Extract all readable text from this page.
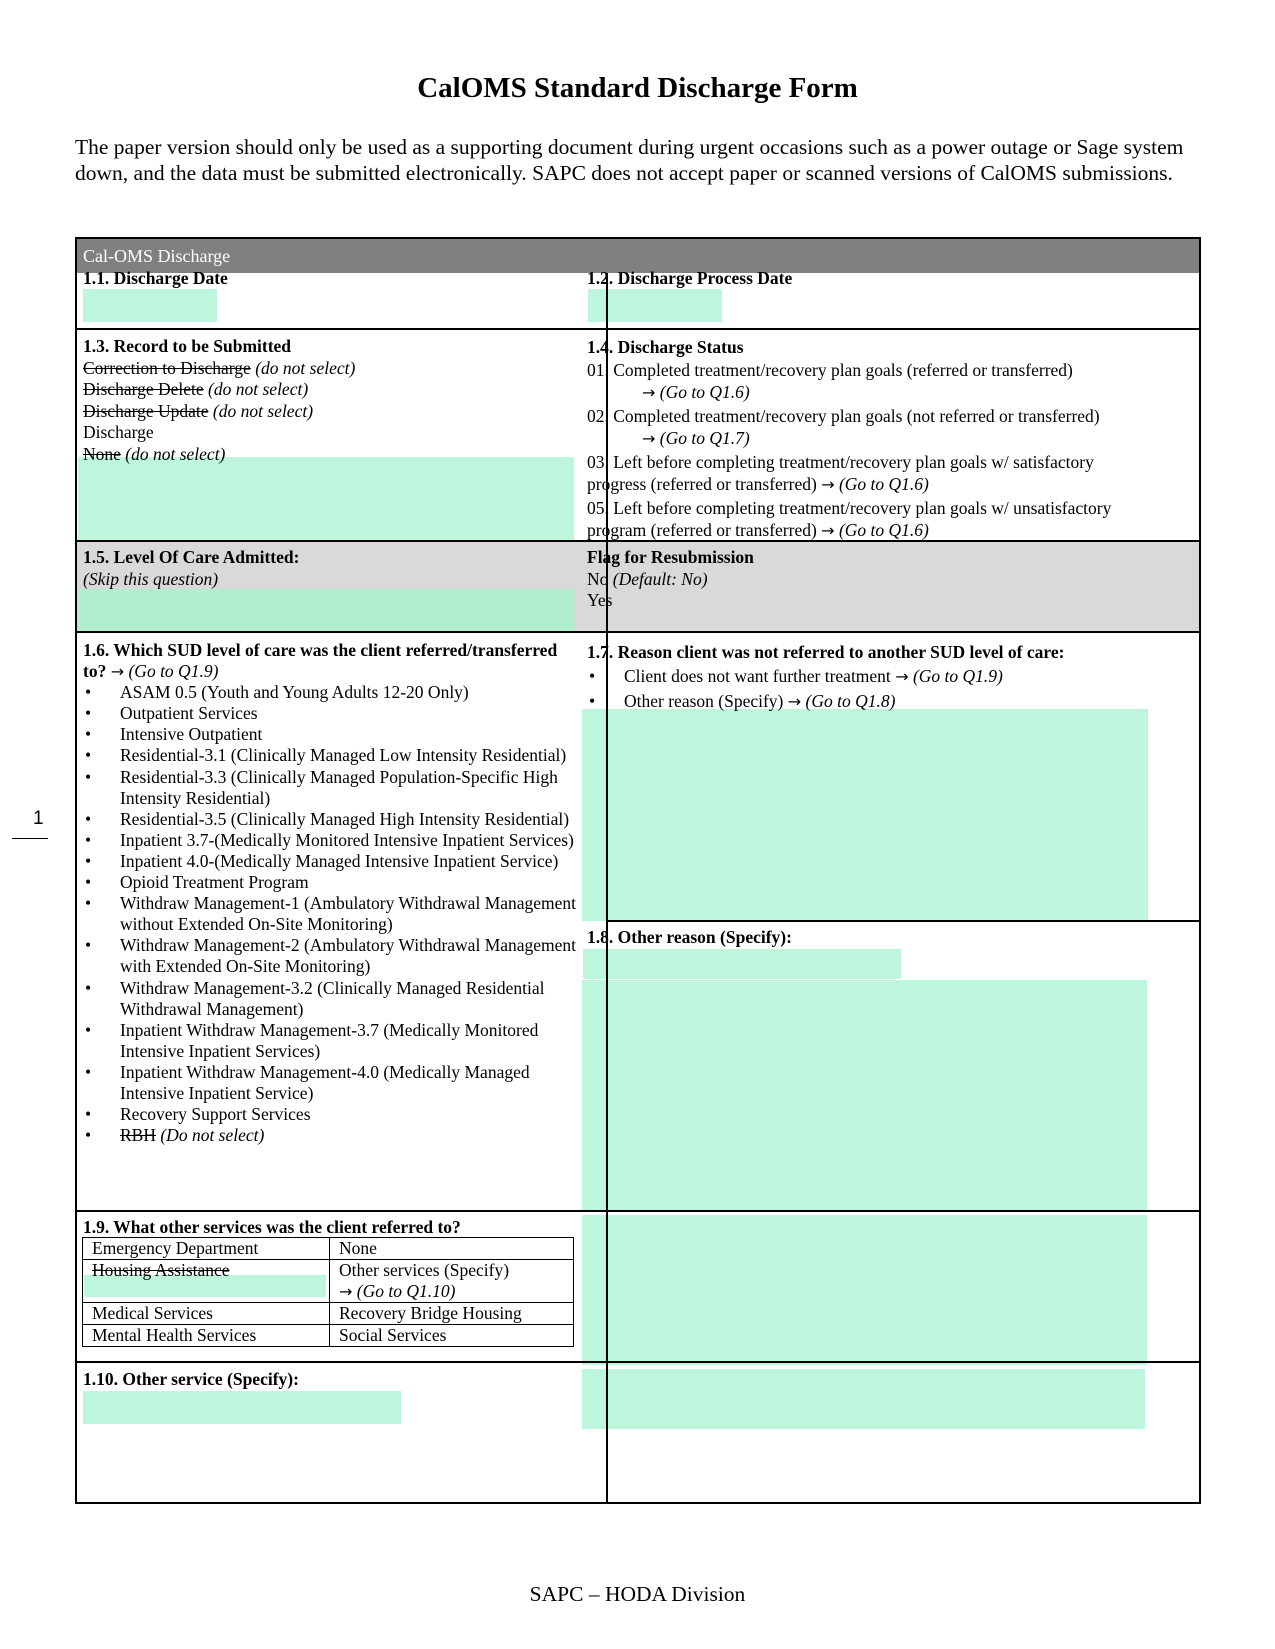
CalOMS Standard Discharge Form
The paper version should only be used as a supporting document during urgent occasions such as a power outage or Sage system down, and the data must be submitted electronically. SAPC does not accept paper or scanned versions of CalOMS submissions.
1
Cal-OMS Discharge
1.1. Discharge Date	1.2. Discharge Process Date
1.3. Record to be Submitted
Correction to Discharge (do not select)
Discharge Delete (do not select)
Discharge Update (do not select)
Discharge
None (do not select)
1.4. Discharge Status
01. Completed treatment/recovery plan goals (referred or transferred)
→ (Go to Q1.6)
02. Completed treatment/recovery plan goals (not referred or transferred)
→ (Go to Q1.7)
03. Left before completing treatment/recovery plan goals w/ satisfactory progress (referred or transferred) → (Go to Q1.6)
05. Left before completing treatment/recovery plan goals w/ unsatisfactory program (referred or transferred) → (Go to Q1.6)
1.5. Level Of Care Admitted:
(Skip this question)
Flag for Resubmission
No (Default: No)
Yes
1.6. Which SUD level of care was the client referred/transferred to? → (Go to Q1.9)
• ASAM 0.5 (Youth and Young Adults 12-20 Only)
• Outpatient Services
• Intensive Outpatient
• Residential-3.1 (Clinically Managed Low Intensity Residential)
• Residential-3.3 (Clinically Managed Population-Specific High Intensity Residential)
• Residential-3.5 (Clinically Managed High Intensity Residential)
• Inpatient 3.7-(Medically Monitored Intensive Inpatient Services)
• Inpatient 4.0-(Medically Managed Intensive Inpatient Service)
• Opioid Treatment Program
• Withdraw Management-1 (Ambulatory Withdrawal Management without Extended On-Site Monitoring)
• Withdraw Management-2 (Ambulatory Withdrawal Management with Extended On-Site Monitoring)
• Withdraw Management-3.2 (Clinically Managed Residential Withdrawal Management)
• Inpatient Withdraw Management-3.7 (Medically Monitored Intensive Inpatient Services)
• Inpatient Withdraw Management-4.0 (Medically Managed Intensive Inpatient Service)
• Recovery Support Services
• RBH (Do not select)
1.7. Reason client was not referred to another SUD level of care:
• Client does not want further treatment → (Go to Q1.9)
• Other reason (Specify) → (Go to Q1.8)
1.8. Other reason (Specify):
1.9. What other services was the client referred to?
Emergency Department	None
Housing Assistance	Other services (Specify)
→ (Go to Q1.10)

Medical Services	Recovery Bridge Housing
Mental Health Services	Social Services
1.10. Other service (Specify):
SAPC – HODA Division
